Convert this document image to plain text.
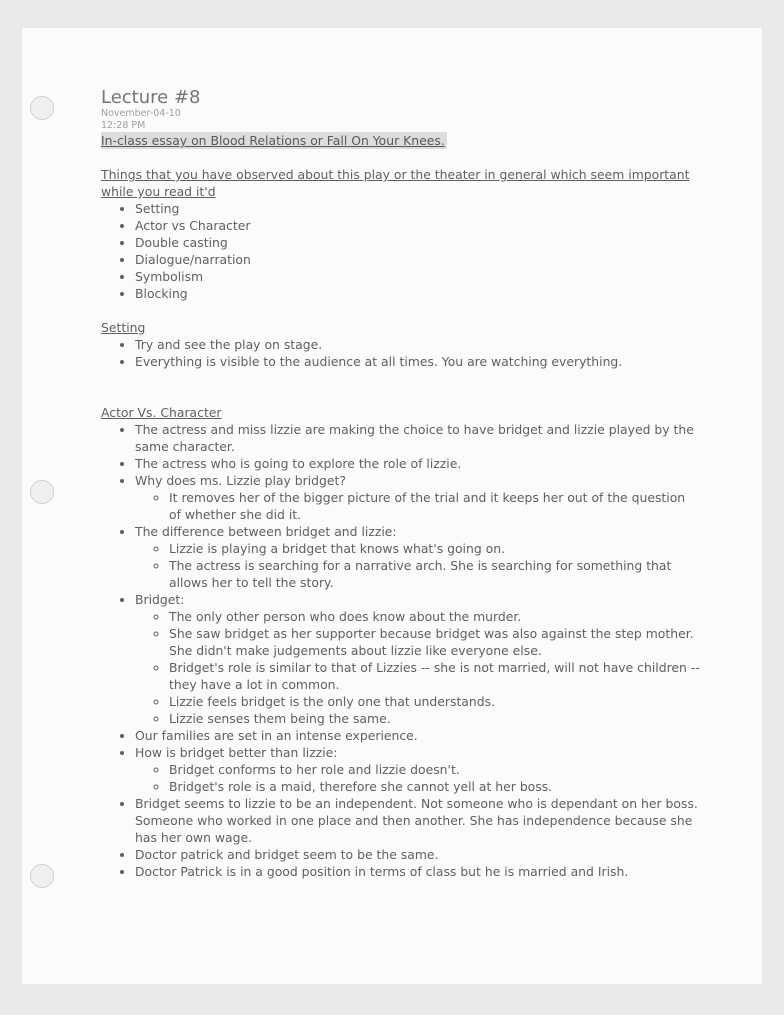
Lecture #8
November-04-10
12:28 PM
In-class essay on Blood Relations or Fall On Your Knees.

Things that you have observed about this play or the theater in general which seem important while you read it'd

• Setting
• Actor vs Character
• Double casting
• Dialogue/narration
• Symbolism
• Blocking

Setting

• Try and see the play on stage.
• Everything is visible to the audience at all times. You are watching everything.

Actor Vs. Character

• The actress and miss lizzie are making the choice to have bridget and lizzie played by the same character.
• The actress who is going to explore the role of lizzie.
• Why does ms. Lizzie play bridget?
◦ It removes her of the bigger picture of the trial and it keeps her out of the question of whether she did it.
• The difference between bridget and lizzie:
◦ Lizzie is playing a bridget that knows what's going on.
◦ The actress is searching for a narrative arch. She is searching for something that allows her to tell the story.
• Bridget:
◦ The only other person who does know about the murder.
◦ She saw bridget as her supporter because bridget was also against the step mother. She didn't make judgements about lizzie like everyone else.
◦ Bridget's role is similar to that of Lizzies -- she is not married, will not have children -- they have a lot in common.
◦ Lizzie feels bridget is the only one that understands.
◦ Lizzie senses them being the same.
• Our families are set in an intense experience.
• How is bridget better than lizzie:
◦ Bridget conforms to her role and lizzie doesn't.
◦ Bridget's role is a maid, therefore she cannot yell at her boss.
• Bridget seems to lizzie to be an independent. Not someone who is dependant on her boss. Someone who worked in one place and then another. She has independence because she has her own wage.
• Doctor patrick and bridget seem to be the same.
• Doctor Patrick is in a good position in terms of class but he is married and Irish.
